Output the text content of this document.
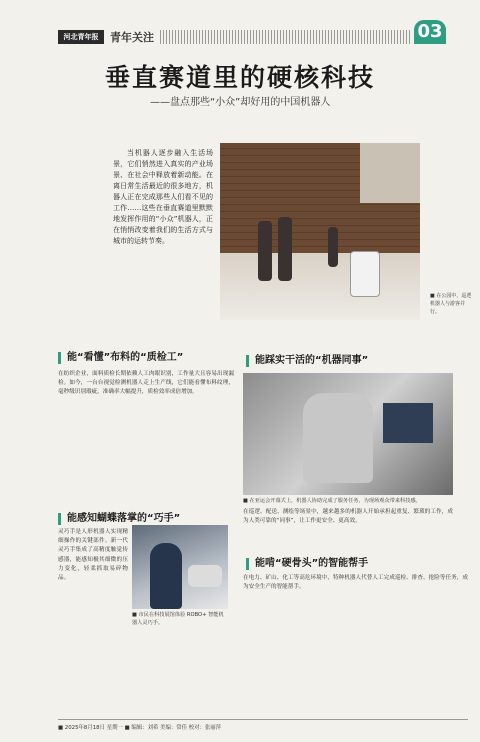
河北青年报	青年关注	03
垂直赛道里的硬核科技
——盘点那些“小众”却好用的中国机器人
当机器人逐步融入生活场景，它们悄然进入真实的产业场景、在社会中释放着新动能。在离日常生活最近的很多地方，机器人正在完成那些人们看不见的工作……这些在垂直赛道里默默地发挥作用的“小众”机器人，正在悄悄改变着我们的生活方式与城市的运转节奏。
■ 在公园中，巡逻机器人与游客并行。
能“看懂”布料的“质检工”
在纺织企业，面料质检长期依赖人工肉眼识别，工作量大且容易出现漏检。如今，一台台视觉检测机器人走上生产线，它们能看懂布料纹理，毫秒级识别瑕疵，准确率大幅提升，质检效率成倍增加。
能踩实干活的“机器同事”
■ 在亚运会开幕式上，机器人协助完成了服务任务，为现场观众带来科技感。
在巡逻、配送、测绘等场景中，越来越多的机器人开始承担起重复、繁琐的工作，成为人类可靠的“同事”，让工作更安全、更高效。
能感知蝴蝶落掌的“巧手”
灵巧手是人形机器人实现精细操作的关键部件。新一代灵巧手集成了高精度触觉传感器，能感知极其细微的压力变化，轻柔抓取易碎物品。
■ 市民在科技展馆体验 ROBO+ 智能机器人灵巧手。
能啃“硬骨头”的智能帮手
在电力、矿山、化工等高危环境中，特种机器人代替人工完成巡检、排查、抢险等任务，成为安全生产的智能帮手。
■ 2025年8月18日 星期一 ■ 编辑：刘希 美编：常佳 校对：张丽萍
